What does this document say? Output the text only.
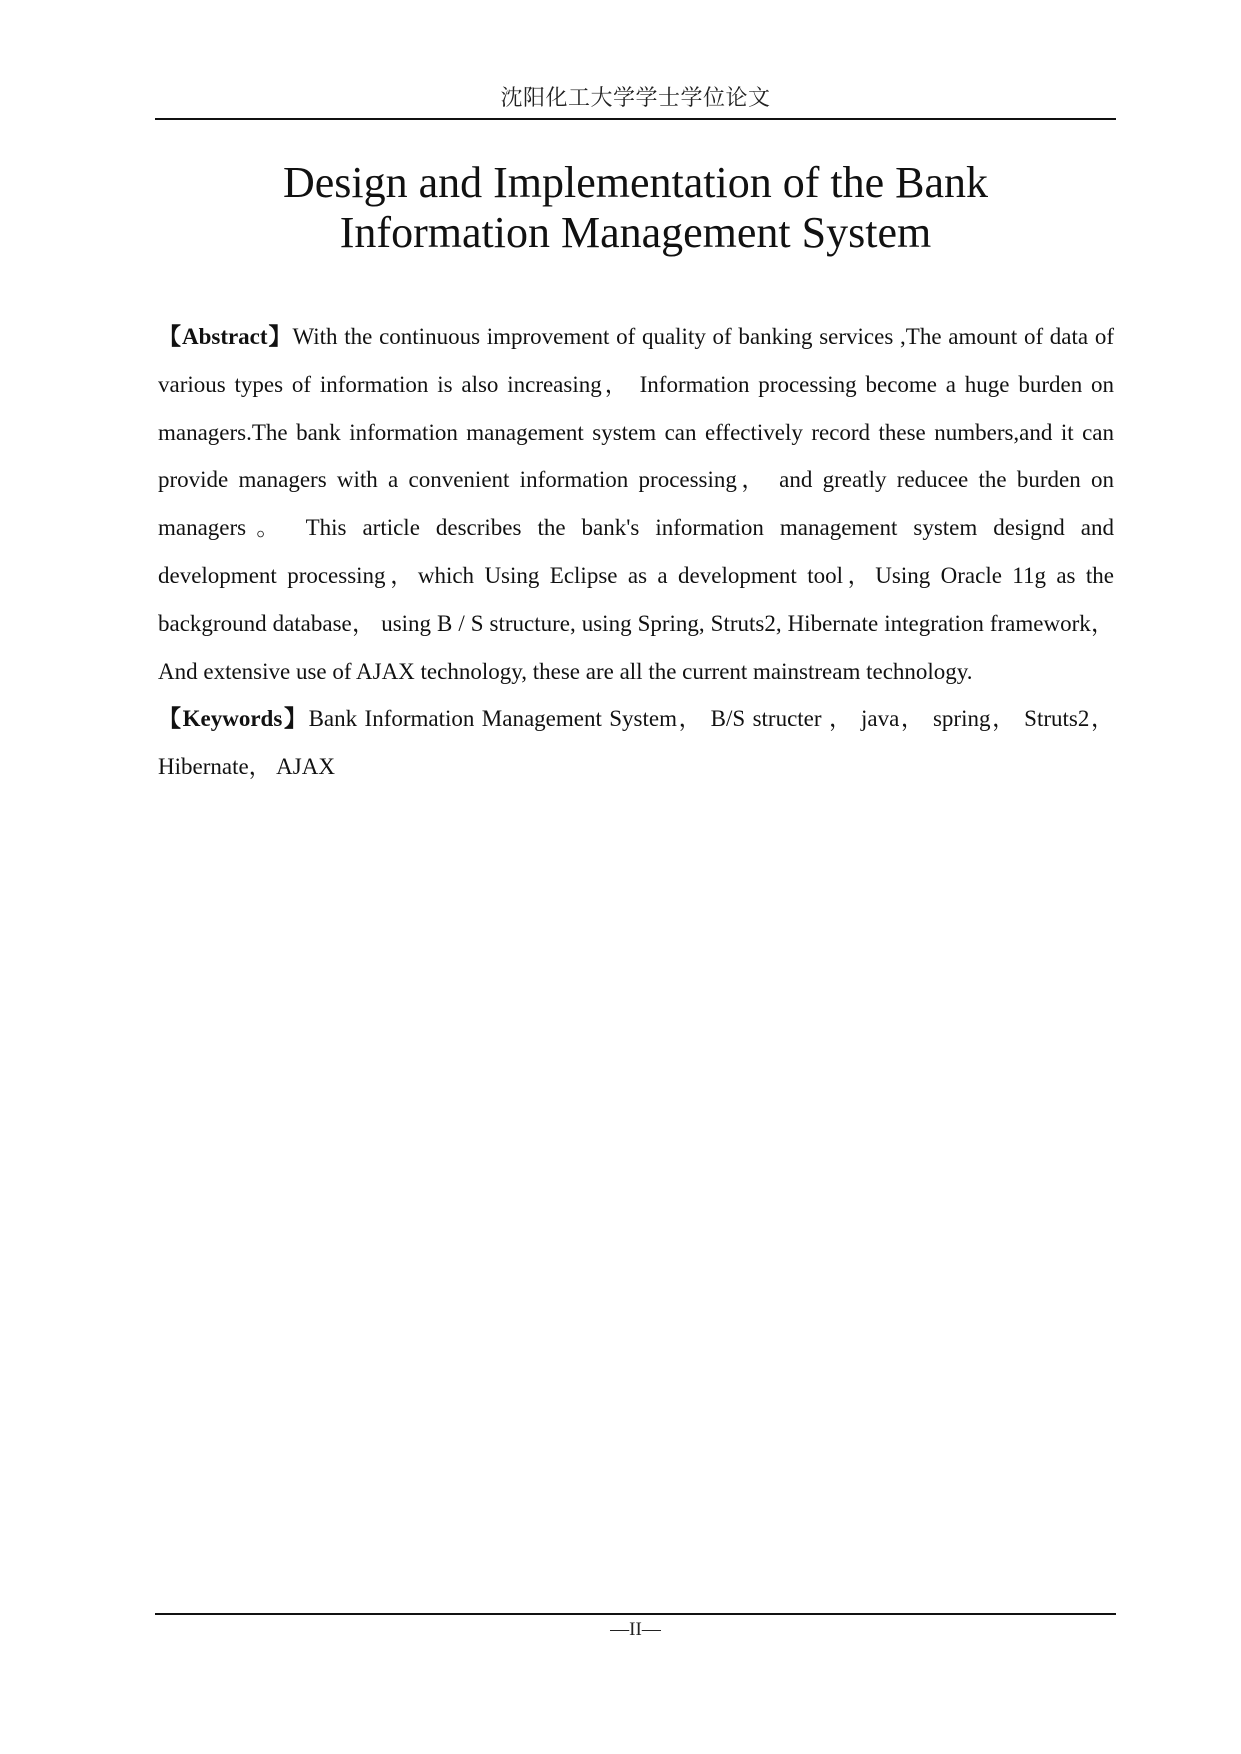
沈阳化工大学学士学位论文
Design and Implementation of the Bank
Information Management System

【Abstract】With the continuous improvement of quality of banking services ,The amount of data of various types of information is also increasing， Information processing become a huge burden on managers.The bank information management system can effectively record these numbers,and it can provide managers with a convenient information processing， and greatly reducee the burden on managers。 This article describes the bank's information management system designd and development processing，which Using Eclipse as a development tool，Using Oracle 11g as the background database， using B / S structure, using Spring, Struts2, Hibernate integration framework， And extensive use of AJAX technology, these are all the current mainstream technology.

【Keywords】Bank Information Management System， B/S structer ， java， spring， Struts2， Hibernate， AJAX

—II—
